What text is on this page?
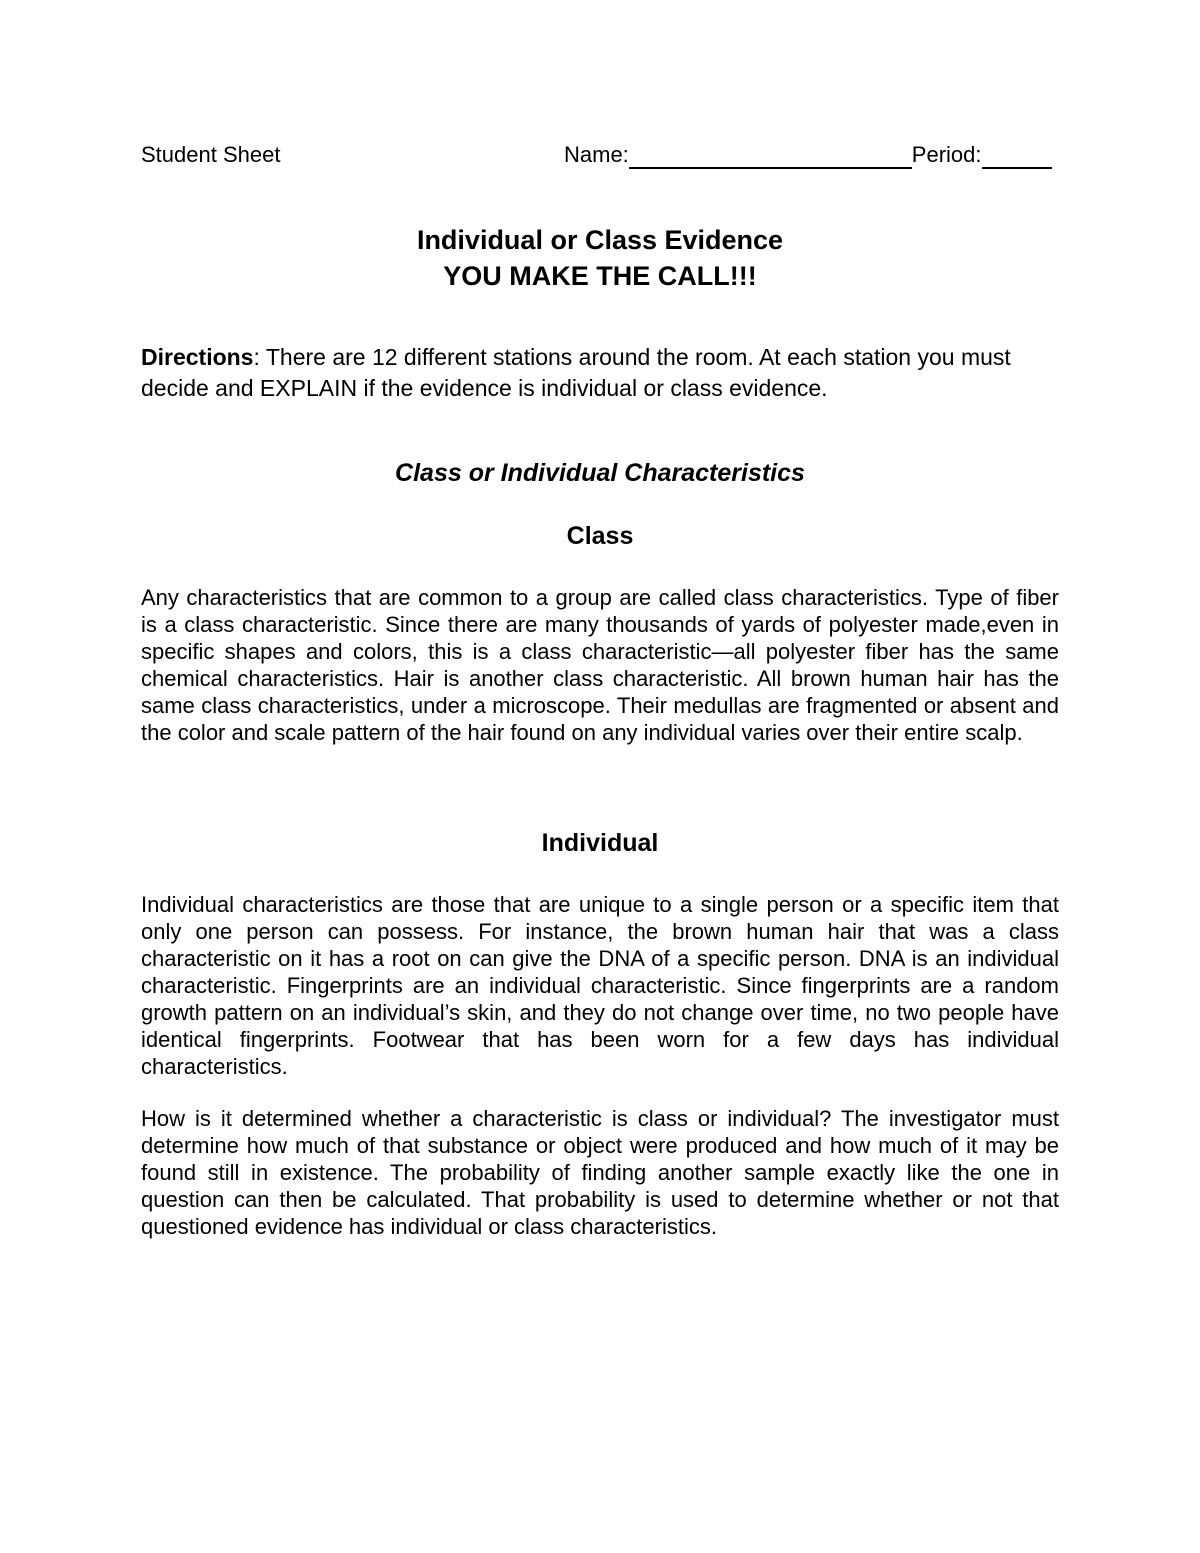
Student Sheet	Name:	Period:
Individual or Class Evidence
YOU MAKE THE CALL!!!
Directions: There are 12 different stations around the room. At each station you must decide and EXPLAIN if the evidence is individual or class evidence.
Class or Individual Characteristics
Class
Any characteristics that are common to a group are called class characteristics. Type of fiber is a class characteristic. Since there are many thousands of yards of polyester made,even in specific shapes and colors, this is a class characteristic—all polyester fiber has the same chemical characteristics. Hair is another class characteristic. All brown human hair has the same class characteristics, under a microscope. Their medullas are fragmented or absent and the color and scale pattern of the hair found on any individual varies over their entire scalp.
Individual
Individual characteristics are those that are unique to a single person or a specific item that only one person can possess. For instance, the brown human hair that was a class characteristic on it has a root on can give the DNA of a specific person. DNA is an individual characteristic. Fingerprints are an individual characteristic. Since fingerprints are a random growth pattern on an individual’s skin, and they do not change over time, no two people have identical fingerprints. Footwear that has been worn for a few days has individual characteristics.
How is it determined whether a characteristic is class or individual? The investigator must determine how much of that substance or object were produced and how much of it may be found still in existence. The probability of finding another sample exactly like the one in question can then be calculated. That probability is used to determine whether or not that questioned evidence has individual or class characteristics.
